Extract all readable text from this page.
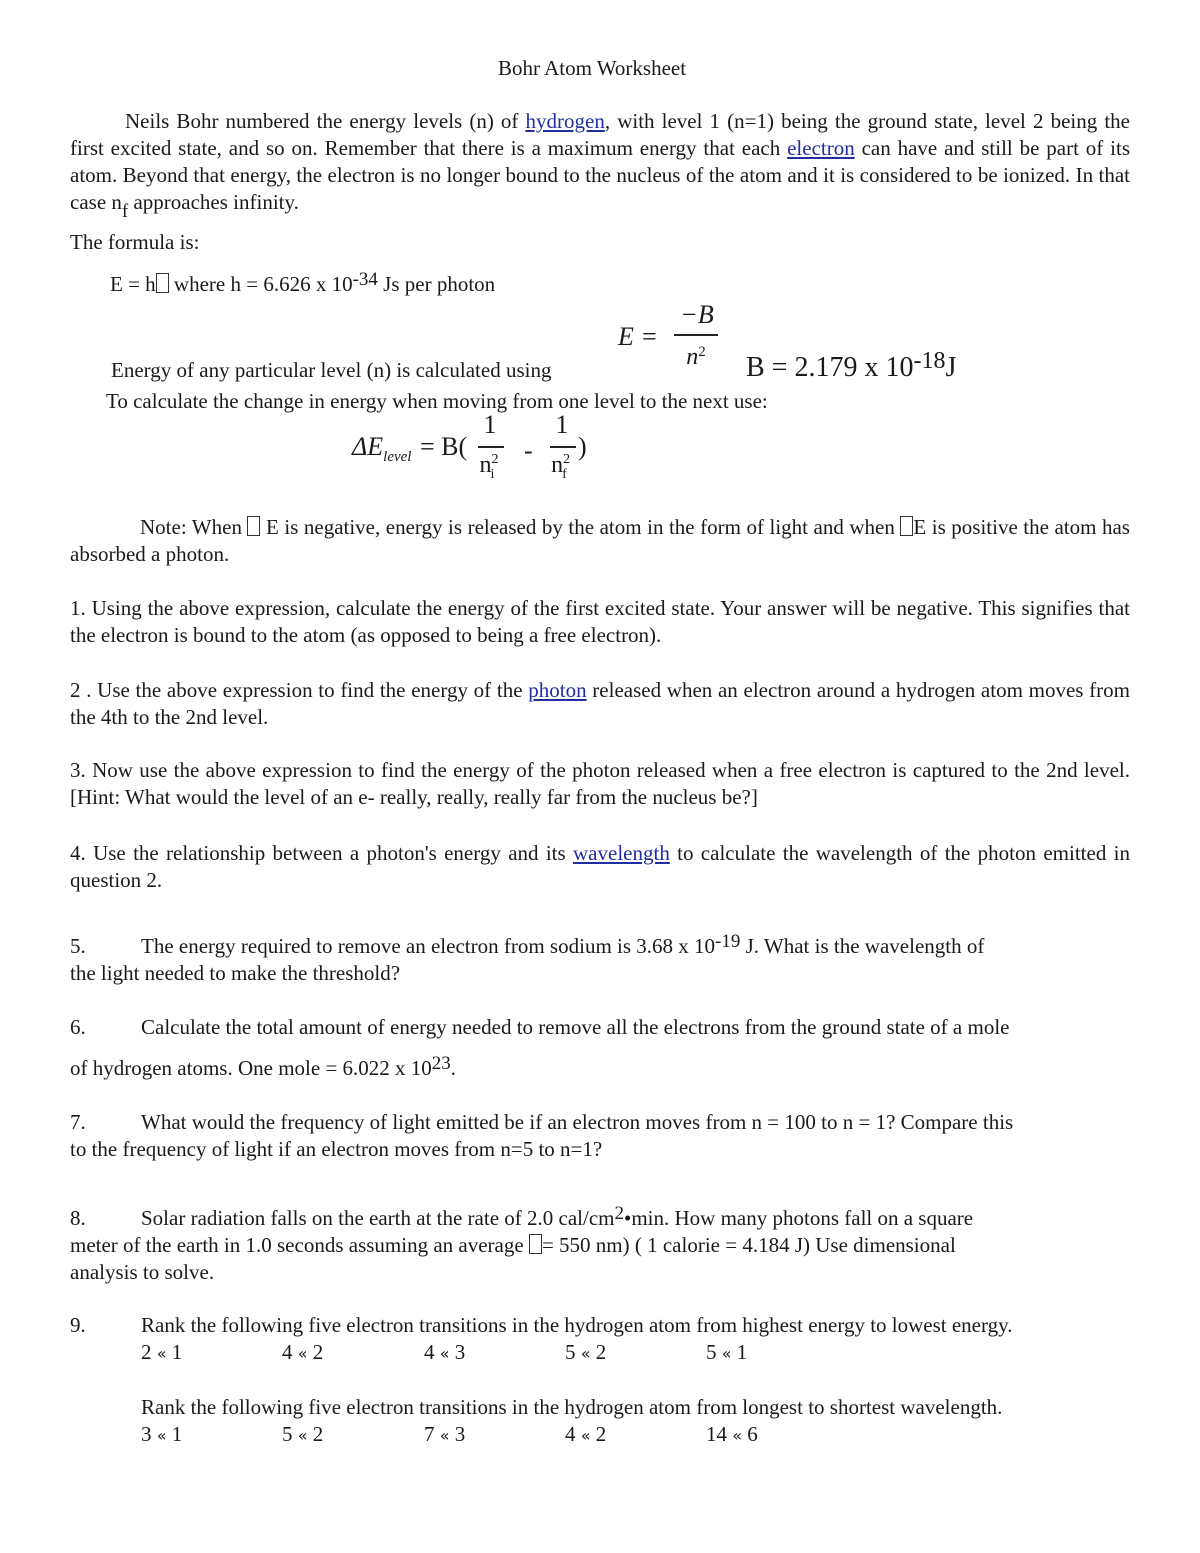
Bohr Atom Worksheet
Neils Bohr numbered the energy levels (n) of hydrogen, with level 1 (n=1) being the ground state, level 2 being the first excited state, and so on. Remember that there is a maximum energy that each electron can have and still be part of its atom. Beyond that energy, the electron is no longer bound to the nucleus of the atom and it is considered to be ionized. In that case $n_f$ approaches infinity.
The formula is:
E = h where h = 6.626 x $10^{-34}$ Js per photon
E =
−B
$n^2$
Energy of any particular level (n) is calculated using	B = 2.179 x $10^{-18}J$
To calculate the change in energy when moving from one level to the next use:
$\Delta E_{level} = B$(
1
$n^2_i$
-
1
$n^2_f$
)
Note: When  E is negative, energy is released by the atom in the form of light and when E is positive the atom has absorbed a photon.
1. Using the above expression, calculate the energy of the first excited state. Your answer will be negative. This signifies that the electron is bound to the atom (as opposed to being a free electron).
2 . Use the above expression to find the energy of the photon released when an electron around a hydrogen atom moves from the 4th to the 2nd level.
3. Now use the above expression to find the energy of the photon released when a free electron is captured to the 2nd level. [Hint: What would the level of an e- really, really, really far from the nucleus be?]
4. Use the relationship between a photon's energy and its wavelength to calculate the wavelength of the photon emitted in question 2.
5.	The energy required to remove an electron from sodium is 3.68 x $10^{-19}$ J. What is the wavelength of
the light needed to make the threshold?
6.	Calculate the total amount of energy needed to remove all the electrons from the ground state of a mole
of hydrogen atoms. One mole = 6.022 x $10^{23}$.
7.	What would the frequency of light emitted be if an electron moves from n = 100 to n = 1? Compare this
to the frequency of light if an electron moves from n=5 to n=1?
8.	Solar radiation falls on the earth at the rate of 2.0 cal/$cm^2•\min$. How many photons fall on a square
meter of the earth in 1.0 seconds assuming an average = 550 nm) ( 1 calorie = 4.184 J) Use dimensional
analysis to solve.
9.	Rank the following five electron transitions in the hydrogen atom from highest energy to lowest energy.
2 « 1	4 « 2	4 « 3	5 « 2	5 « 1
Rank the following five electron transitions in the hydrogen atom from longest to shortest wavelength.
3 « 1	5 « 2	7 « 3	4 « 2	14 « 6
